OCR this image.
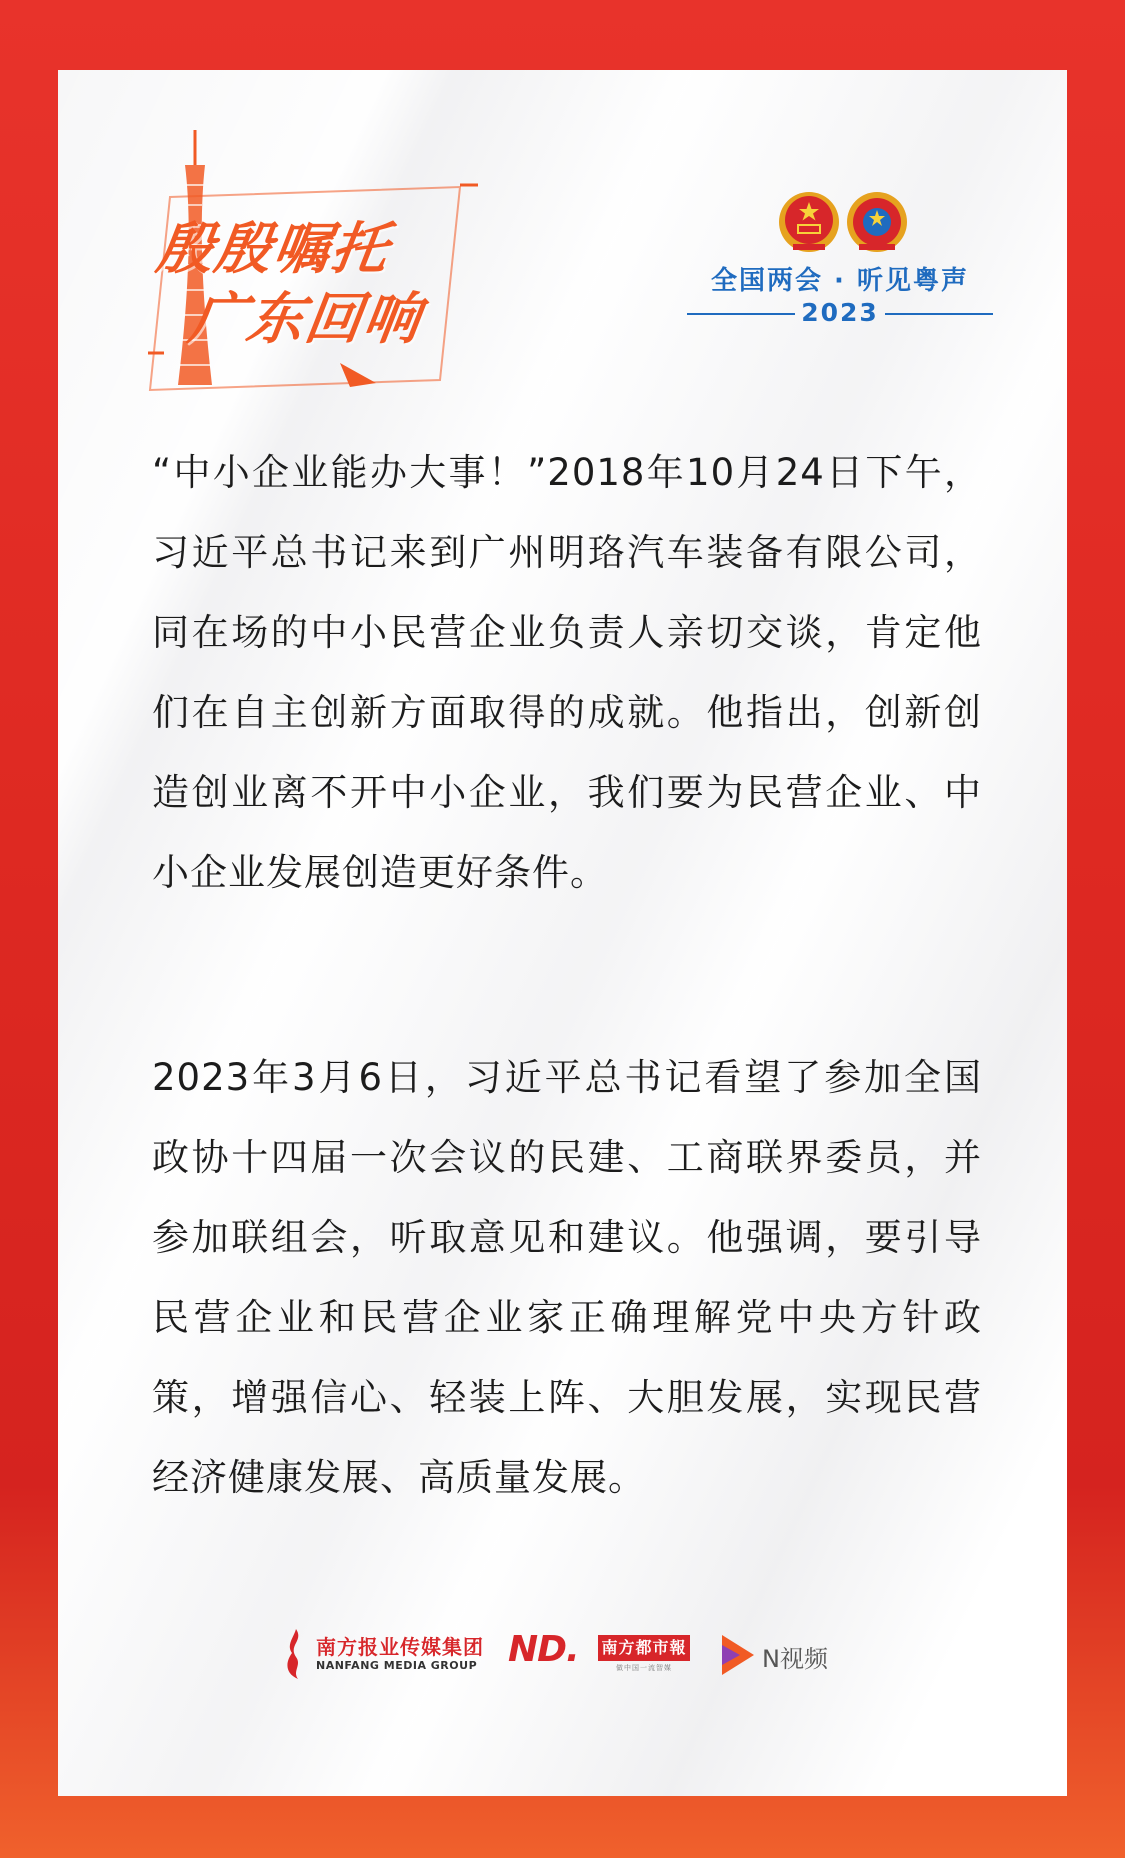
殷殷嘱托
广东回响
全国两会 · 听见粤声
2023

“中小企业能办大事！”2018年10月24日下午，习近平总书记来到广州明珞汽车装备有限公司，同在场的中小民营企业负责人亲切交谈，肯定他们在自主创新方面取得的成就。他指出，创新创造创业离不开中小企业，我们要为民营企业、中小企业发展创造更好条件。

2023年3月6日，习近平总书记看望了参加全国政协十四届一次会议的民建、工商联界委员，并参加联组会，听取意见和建议。他强调，要引导民营企业和民营企业家正确理解党中央方针政策，增强信心、轻装上阵、大胆发展，实现民营经济健康发展、高质量发展。

南方报业传媒集团
NANFANG MEDIA GROUP ND. 南方都市報
做中国一流智媒	N视频
